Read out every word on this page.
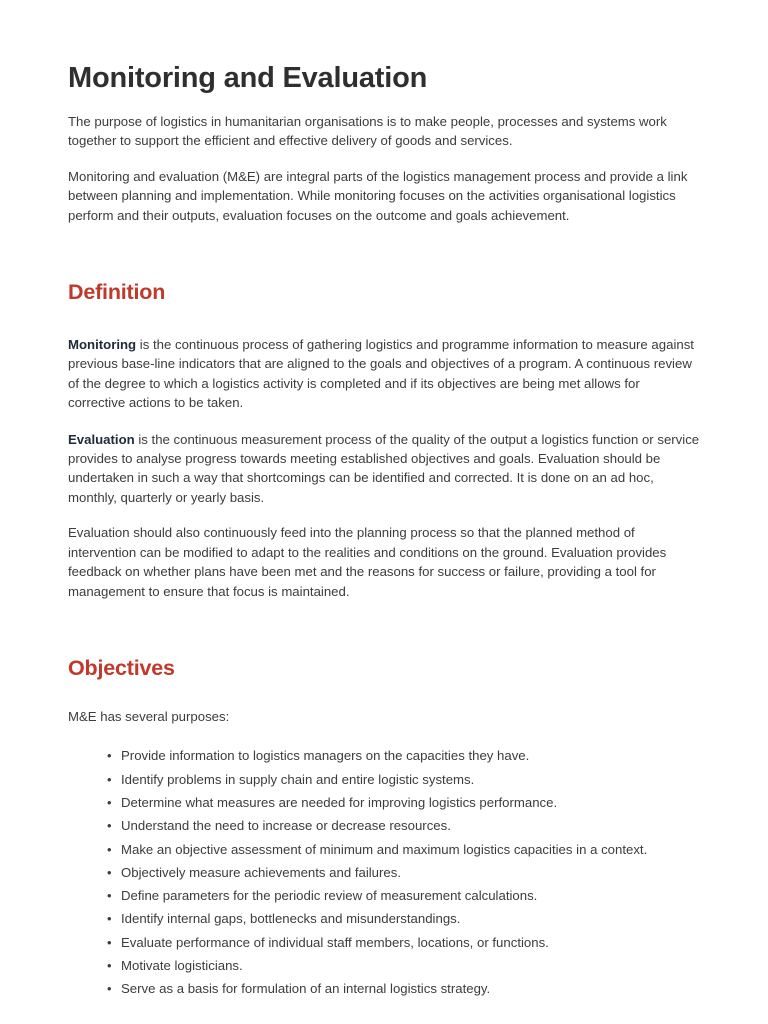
Monitoring and Evaluation

The purpose of logistics in humanitarian organisations is to make people, processes and systems work together to support the efficient and effective delivery of goods and services.

Monitoring and evaluation (M&E) are integral parts of the logistics management process and provide a link between planning and implementation. While monitoring focuses on the activities organisational logistics perform and their outputs, evaluation focuses on the outcome and goals achievement.

Definition

Monitoring is the continuous process of gathering logistics and programme information to measure against previous base-line indicators that are aligned to the goals and objectives of a program. A continuous review of the degree to which a logistics activity is completed and if its objectives are being met allows for corrective actions to be taken.

Evaluation is the continuous measurement process of the quality of the output a logistics function or service provides to analyse progress towards meeting established objectives and goals. Evaluation should be undertaken in such a way that shortcomings can be identified and corrected. It is done on an ad hoc, monthly, quarterly or yearly basis.

Evaluation should also continuously feed into the planning process so that the planned method of intervention can be modified to adapt to the realities and conditions on the ground. Evaluation provides feedback on whether plans have been met and the reasons for success or failure, providing a tool for management to ensure that focus is maintained.

Objectives

M&E has several purposes:

• Provide information to logistics managers on the capacities they have.
• Identify problems in supply chain and entire logistic systems.
• Determine what measures are needed for improving logistics performance.
• Understand the need to increase or decrease resources.
• Make an objective assessment of minimum and maximum logistics capacities in a context.
• Objectively measure achievements and failures.
• Define parameters for the periodic review of measurement calculations.
• Identify internal gaps, bottlenecks and misunderstandings.
• Evaluate performance of individual staff members, locations, or functions.
• Motivate logisticians.
• Serve as a basis for formulation of an internal logistics strategy.
